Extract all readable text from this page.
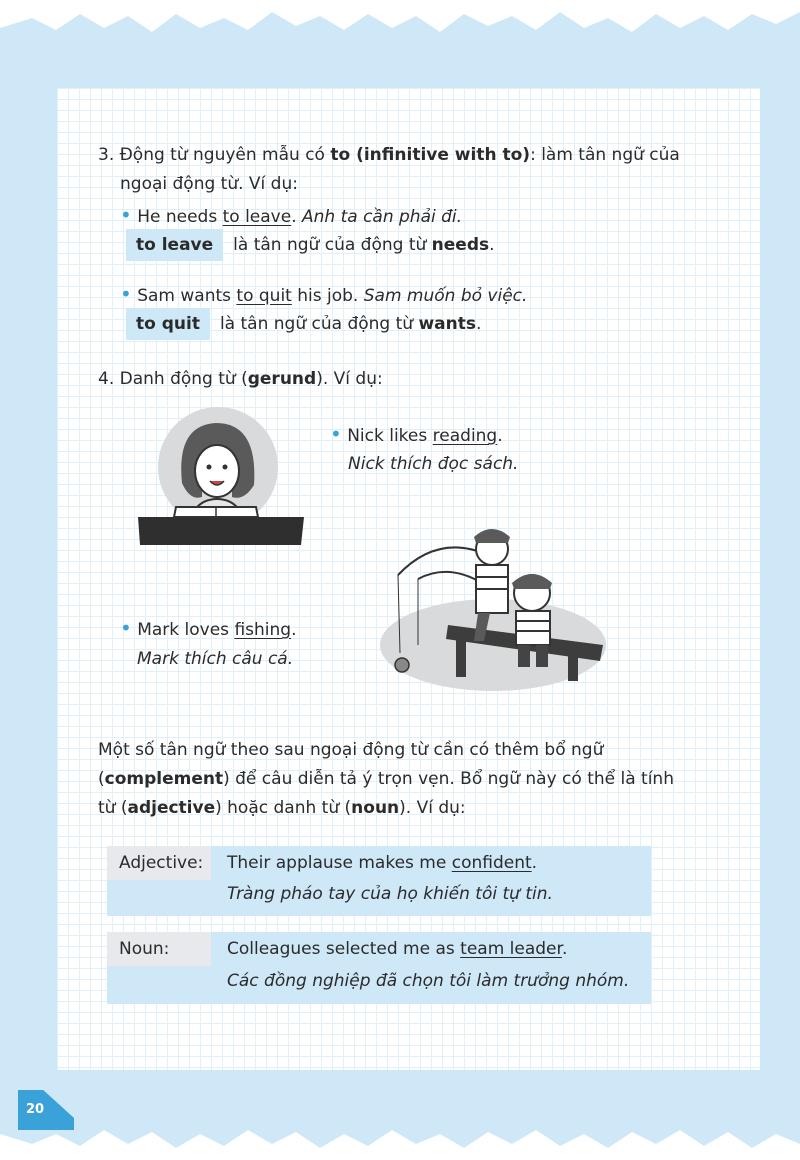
3. Động từ nguyên mẫu có to (infinitive with to): làm tân ngữ của
ngoại động từ. Ví dụ:
• He needs to leave. Anh ta cần phải đi.
to leave là tân ngữ của động từ needs.
• Sam wants to quit his job. Sam muốn bỏ việc.
to quit là tân ngữ của động từ wants.
4. Danh động từ (gerund). Ví dụ:
• Nick likes reading.
Nick thích đọc sách.
• Mark loves fishing.
Mark thích câu cá.
Một số tân ngữ theo sau ngoại động từ cần có thêm bổ ngữ
(complement) để câu diễn tả ý trọn vẹn. Bổ ngữ này có thể là tính
từ (adjective) hoặc danh từ (noun). Ví dụ:
Adjective: Their applause makes me confident.
Tràng pháo tay của họ khiến tôi tự tin.
Noun:	Colleagues selected me as team leader.
Các đồng nghiệp đã chọn tôi làm trưởng nhóm.
20
